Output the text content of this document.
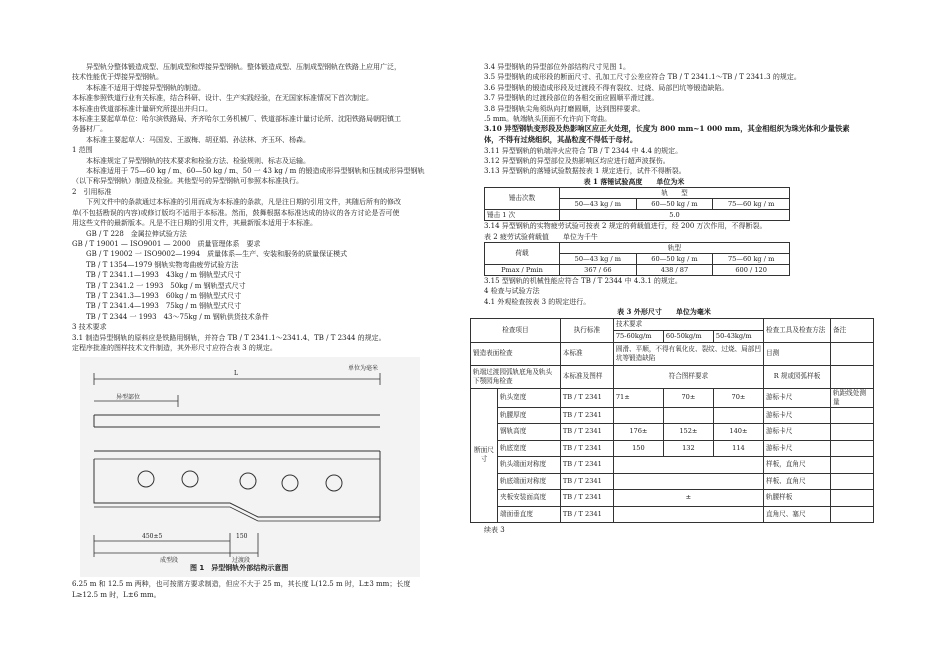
异型轨分整体锻造成型、压制成型和焊接异型钢轨。整体锻造成型、压制成型钢轨在铁路上应用广泛，

技术性能优于焊接异型钢轨。

本标准不适用于焊接异型钢轨的制造。

本标准参照铁道行业有关标准，结合科研、设计、生产实践经验，在无国家标准情况下首次制定。

本标准由铁道部标准计量研究所提出并归口。

本标准主要起草单位：哈尔滨铁路局、齐齐哈尔工务机械厂、铁道部标准计量讨论所、沈阳铁路局朝阳镇工

务器材厂。

本标准主要起草人：马国发、王淑梅、胡亚娟、孙法林、齐玉环、杨森。

1 范围

本标准规定了异型钢轨的技术要求和检验方法、检验规则、标志及运输。

本标准适用于 75—60 kg / m、60—50 kg / m、50 一 43 kg / m 的锻造成形异型钢轨和压制成形异型钢轨

（以下称异型钢轨）制造及检验。其他型号的异型钢轨可参照本标准执行。

2　引用标准

下列文件中的条款通过本标准的引用而成为本标准的条款，凡是注日期的引用文件，其随后所有的修改

单(不包括勘误的内容)或修订版均不适用于本标准。然而，鼓舞根据本标准达成的协议的各方讨论是否可使

用这些文件的最新版本。凡是不注日期的引用文件，其最新版本适用于本标准。

GB / T 228　金属拉伸试验方法

GB / T 19001 — ISO9001 — 2000　质量管理体系　要求

GB / T 19002 一 ISO9002—1994　质量体系—生产、安装和服务的质量保证模式

TB / T 1354—1979 钢轨实物弯曲疲劳试验方法

TB / T 2341.1—1993　43kg / m 钢轨型式尺寸

TB / T 2341.2 一 1993　50kg / m 钢轨型式尺寸

TB / T 2341.3—1993　60kg / m 钢轨型式尺寸

TB / T 2341.4—1993　75kg / m 钢轨型式尺寸

TB / T 2344 一 1993　43～75kg / m 钢轨供货技术条件

3 技术要求

3.1 制造异型钢轨的原料应是铁路用钢轨，并符合 TB / T 2341.1～2341.4、TB / T 2344 的规定。

定程序批准的图样技术文件制造，其外形尺寸应符合表 3 的规定。

单位为毫米
L
异型部位
450±5	150
成型段	过渡段
图 1　异型钢轨外部结构示意图

6.25 m 和 12.5 m 两种，也可按需方要求制造，但应不大于 25 m，其长度 L(12.5 m 时，L±3 mm；长度

L≥12.5 m 时，L±6 mm。

3.4 异型钢轨的异型部位外部结构尺寸见图 1。

3.5 异型钢轨的成形段的断面尺寸、孔加工尺寸公差应符合 TB / T 2341.1～TB / T 2341.3 的规定。

3.6 异型钢轨的锻造成形段及过渡段不得有裂纹、过烧、局部凹坑等锻造缺陷。

3.7 异型钢轨的过渡段部位的各相交面应圆顺平滑过渡。

3.8 异型钢轨尖角须纵向打磨圆顺，达到图样要求。

.5 mm。轨端轨头顶面不允许向下弯曲。

3.10 异型钢轨变形段及热影响区应正火处理，长度为 800 mm~1 000 mm，其金相组织为珠光体和少量铁素

体，不得有过烧组织，其晶粒度不得低于母材。

3.11 异型钢轨的轨端淬火应符合 TB / T 2344 中 4.4 的规定。

3.12 异型钢轨的异型部位及热影响区均应进行超声波探伤。

3.13 异型钢轨的落锤试验数据按表 1 规定进行，试件不得断裂。

表 1 落锤试验高度　　单位为米

锤击次数	轨　　型		
	50—43 kg / m	60—50 kg / m	75—60 kg / m
锤击 1 次	5.0		

3.14 异型钢轨的实物疲劳试验可按表 2 规定的荷载值进行，经 200 万次作用，不得断裂。

表 2 疲劳试验荷载值　　单位为千牛

荷载	轨型		
	50—43 kg / m	60—50 kg / m	75—60 kg / m
Pmax / Pmin	367 / 66	438 / 87	600 / 120

3.15 型钢轨的机械性能应符合 TB / T 2344 中 4.3.1 的规定。

4 检查与试验方法

4.1 外观检查按表 3 的规定进行。

表 3 外形尺寸　　单位为毫米

检查项目		执行标准	技术要求			检查工具及检查方法	备注
			75-60kg/m	60-50kg/m	50-43kg/m		
锻造表面检查		本标准	圆滑、平顺，不得有氧化皮、裂纹、过烧、局部凹坑等锻造缺陷			目测	
轨端过渡园弧轨底角及轨头下颚园角检查		本标准及图样	符合图样要求			R 规或园弧样板	
断面尺寸	轨头宽度	TB / T 2341	71±	70±	70±	游标卡尺	轨距线处测量
	轨腰厚度	TB / T 2341				游标卡尺	
	钢轨高度	TB / T 2341	176±	152±	140±	游标卡尺	
	轨底宽度	TB / T 2341	150	132	114	游标卡尺	
	轨头端面对称度	TB / T 2341				样板，直角尺	
	轨底端面对称度	TB / T 2341				样板、直角尺	
	夹板安装面高度	TB / T 2341	±			轨腰样板	
	端面垂直度	TB / T 2341				直角尺、塞尺	

续表 3
